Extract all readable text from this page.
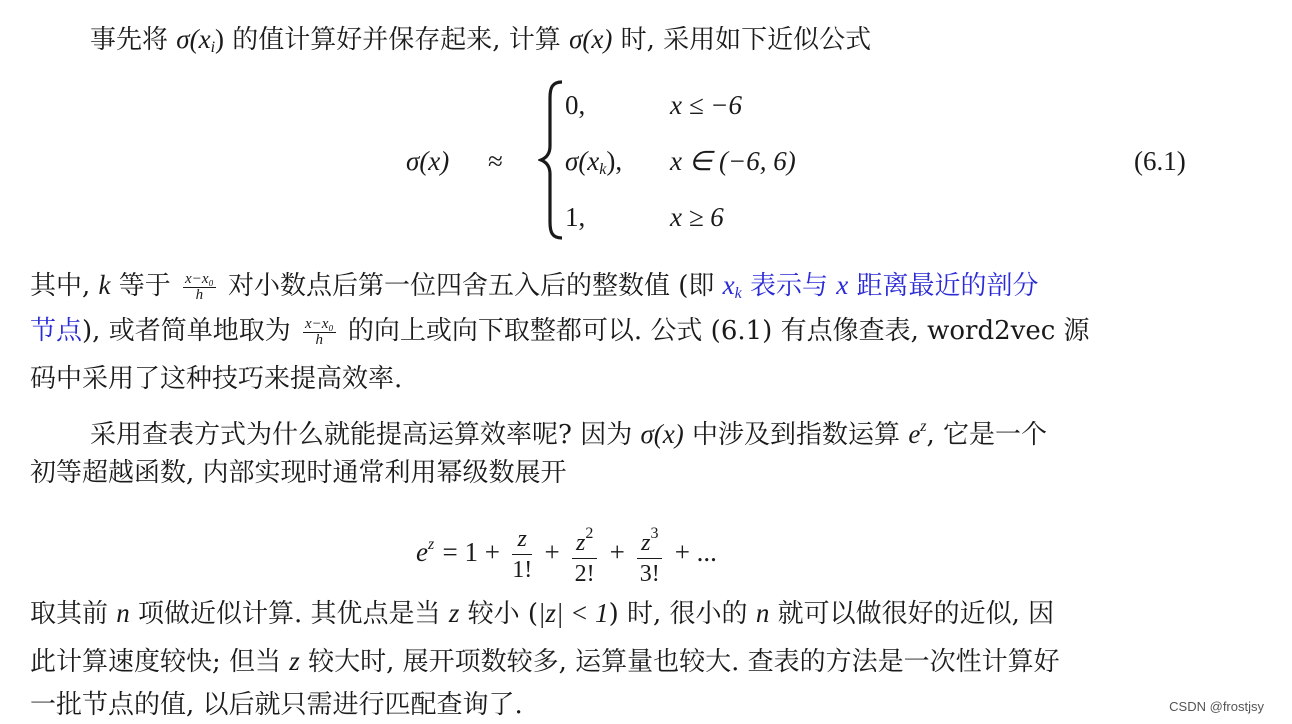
事先将 $\sigma(x_i)$ 的值计算好并保存起来, 计算 σ(x) 时, 采用如下近似公式
σ(x) ≈
0,	x ≤ −6
$\sigma(x_k)$, x ∈ (−6, 6)
1,	x ≥ 6
(6.1)
其中, k 等于 $\frac{\text{x−x₀}}{h}$ 对小数点后第一位四舍五入后的整数值 (即 $x_k$ 表示与 x 距离最近的剖分
节点), 或者简单地取为 $\frac{\text{x−x₀}}{h}$ 的向上或向下取整都可以. 公式 (6.1) 有点像查表, word2vec 源
码中采用了这种技巧来提高效率.
采用查表方式为什么就能提高运算效率呢? 因为 σ(x) 中涉及到指数运算 $e^z$, 它是一个
初等超越函数, 内部实现时通常利用幂级数展开
$e^z = 1 + \frac{z}{1!} + \frac{z^2}{2!} + \frac{z^3}{3!}$ + ...
取其前 n 项做近似计算. 其优点是当 z 较小 (|z| < 1) 时, 很小的 n 就可以做很好的近似, 因
此计算速度较快; 但当 z 较大时, 展开项数较多, 运算量也较大. 查表的方法是一次性计算好
一批节点的值, 以后就只需进行匹配查询了.	CSDN @frostjsy
